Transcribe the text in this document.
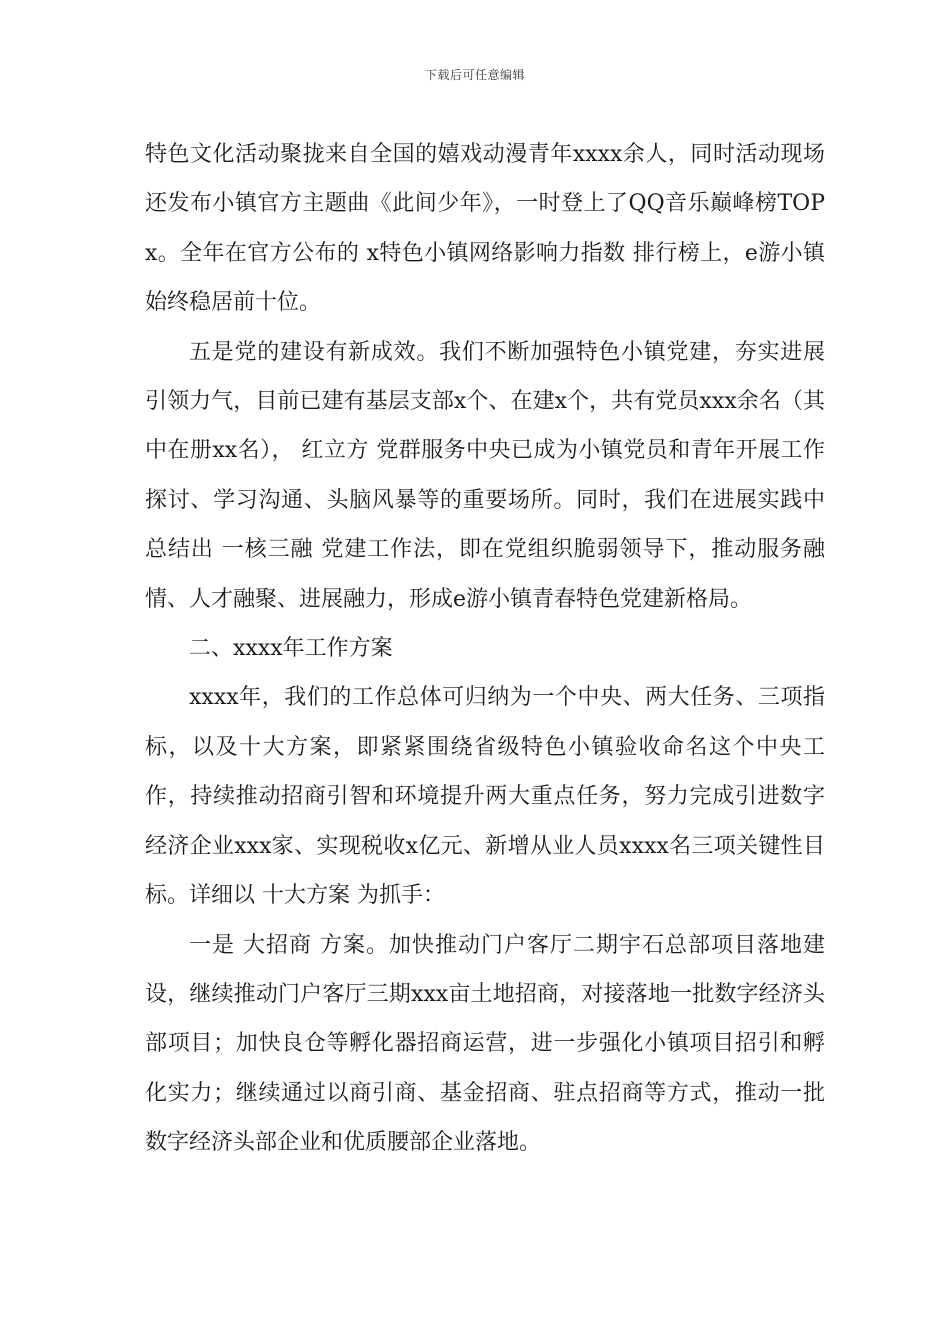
下载后可任意编辑

特色文化活动聚拢来自全国的嬉戏动漫青年xxxx余人，同时活动现场还发布小镇官方主题曲《此间少年》，一时登上了QQ音乐巅峰榜TOPx。全年在官方公布的 x特色小镇网络影响力指数 排行榜上，e游小镇始终稳居前十位。

五是党的建设有新成效。我们不断加强特色小镇党建，夯实进展引领力气，目前已建有基层支部x个、在建x个，共有党员xxx余名（其中在册xx名）， 红立方 党群服务中央已成为小镇党员和青年开展工作探讨、学习沟通、头脑风暴等的重要场所。同时，我们在进展实践中总结出 一核三融 党建工作法，即在党组织脆弱领导下，推动服务融情、人才融聚、进展融力，形成e游小镇青春特色党建新格局。

二、xxxx年工作方案

xxxx年，我们的工作总体可归纳为一个中央、两大任务、三项指标，以及十大方案，即紧紧围绕省级特色小镇验收命名这个中央工作，持续推动招商引智和环境提升两大重点任务，努力完成引进数字经济企业xxx家、实现税收x亿元、新增从业人员xxxx名三项关键性目标。详细以 十大方案 为抓手：

一是 大招商 方案。加快推动门户客厅二期宇石总部项目落地建设，继续推动门户客厅三期xxx亩土地招商，对接落地一批数字经济头部项目；加快良仓等孵化器招商运营，进一步强化小镇项目招引和孵化实力；继续通过以商引商、基金招商、驻点招商等方式，推动一批数字经济头部企业和优质腰部企业落地。
